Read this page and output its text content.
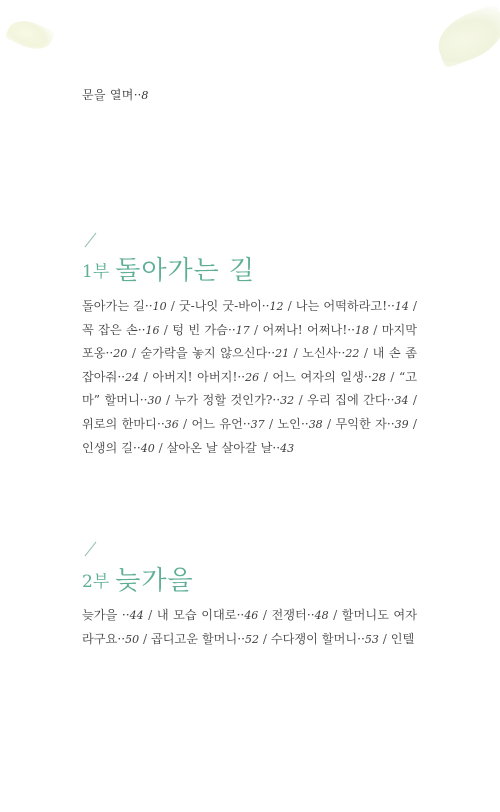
문을 열며··8
1부 돌아가는 길
돌아가는 길··10 / 굿-나잇 굿-바이··12 / 나는 어떡하라고!··14 / 꼭 잡은 손··16 / 텅 빈 가슴··17 / 어쩌나! 어쩌나!··18 / 마지막 포옹··20 / 숟가락을 놓지 않으신다··21 / 노신사··22 / 내 손 좀 잡아줘··24 / 아버지! 아버지!··26 / 어느 여자의 일생··28 / “고마” 할머니··30 / 누가 정할 것인가?··32 / 우리 집에 간다··34 / 위로의 한마디··36 / 어느 유언··37 / 노인··38 / 무익한 자··39 / 인생의 길··40 / 살아온 날 살아갈 날··43
2부 늦가을
늦가을 ··44 / 내 모습 이대로··46 / 전쟁터··48 / 할머니도 여자라구요··50 / 곱디고운 할머니··52 / 수다쟁이 할머니··53 / 인텔
